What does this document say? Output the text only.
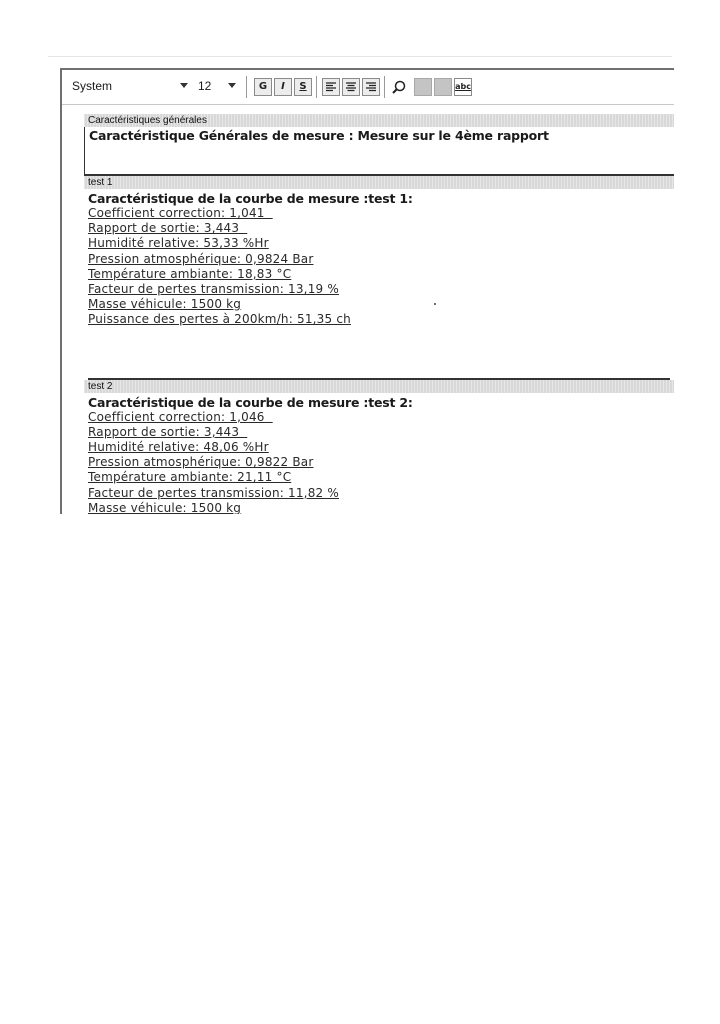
System	12	G	I	S	abc
Caractéristiques générales
Caractéristique Générales de mesure : Mesure sur le 4ème rapport
test 1
Caractéristique de la courbe de mesure :test 1:
Coefficient correction: 1,041
Rapport de sortie: 3,443
Humidité relative: 53,33 %Hr
Pression atmosphérique: 0,9824 Bar
Température ambiante: 18,83 °C
Facteur de pertes transmission: 13,19 %
Masse véhicule: 1500 kg
Puissance des pertes à 200km/h: 51,35 ch
test 2
Caractéristique de la courbe de mesure :test 2:
Coefficient correction: 1,046
Rapport de sortie: 3,443
Humidité relative: 48,06 %Hr
Pression atmosphérique: 0,9822 Bar
Température ambiante: 21,11 °C
Facteur de pertes transmission: 11,82 %
Masse véhicule: 1500 kg
